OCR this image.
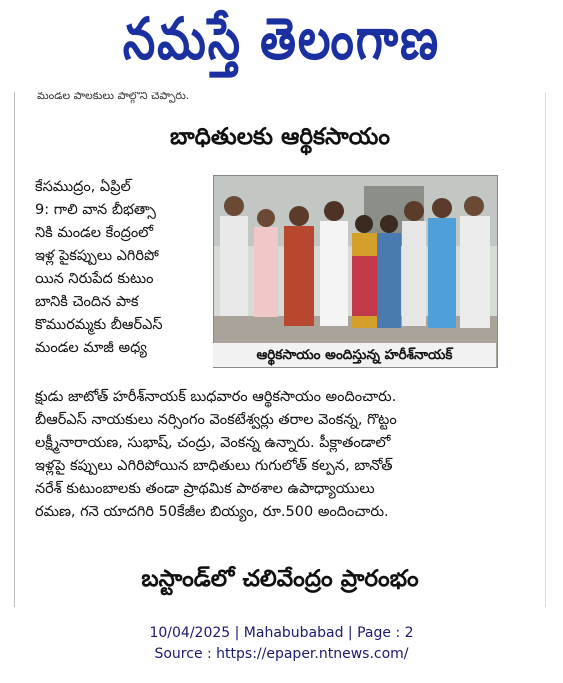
నమస్తే తెలంగాణ
మండల పాలకులు పాల్గొని చెప్పారు.
బాధితులకు ఆర్థికసాయం

కేసముద్రం, ఏప్రిల్

9: గాలి వాన బీభత్సా

నికి మండల కేంద్రంలో

ఇళ్ల పైకప్పులు ఎగిరిపో

యిన నిరుపేద కుటుం

బానికి చెందిన పాక

కొమురమ్మకు బీఆర్ఎస్

మండల మాజీ అధ్య	ఆర్థికసాయం అందిస్తున్న హరీశ్‌నాయక్

క్షుడు జాటోత్ హరీశ్‌నాయక్ బుధవారం ఆర్థికసాయం అందించారు.

బీఆర్ఎస్ నాయకులు నర్సింగం వెంకటేశ్వర్లు తరాల వెంకన్న, గొట్టం

లక్ష్మీనారాయణ, సుభాష్, చంద్రు, వెంకన్న ఉన్నారు. పీక్లాతండాలో

ఇళ్లపై కప్పులు ఎగిరిపోయిన బాధితులు గుగులోత్ కల్పన, బానోత్

నరేశ్ కుటుంబాలకు తండా ప్రాథమిక పాఠశాల ఉపాధ్యాయులు

రమణ, గనె యాదగిరి 50కేజీల బియ్యం, రూ.500 అందించారు.

బస్టాండ్‌లో చలివేంద్రం ప్రారంభం
10/04/2025 | Mahabubabad | Page : 2
Source : https://epaper.ntnews.com/
